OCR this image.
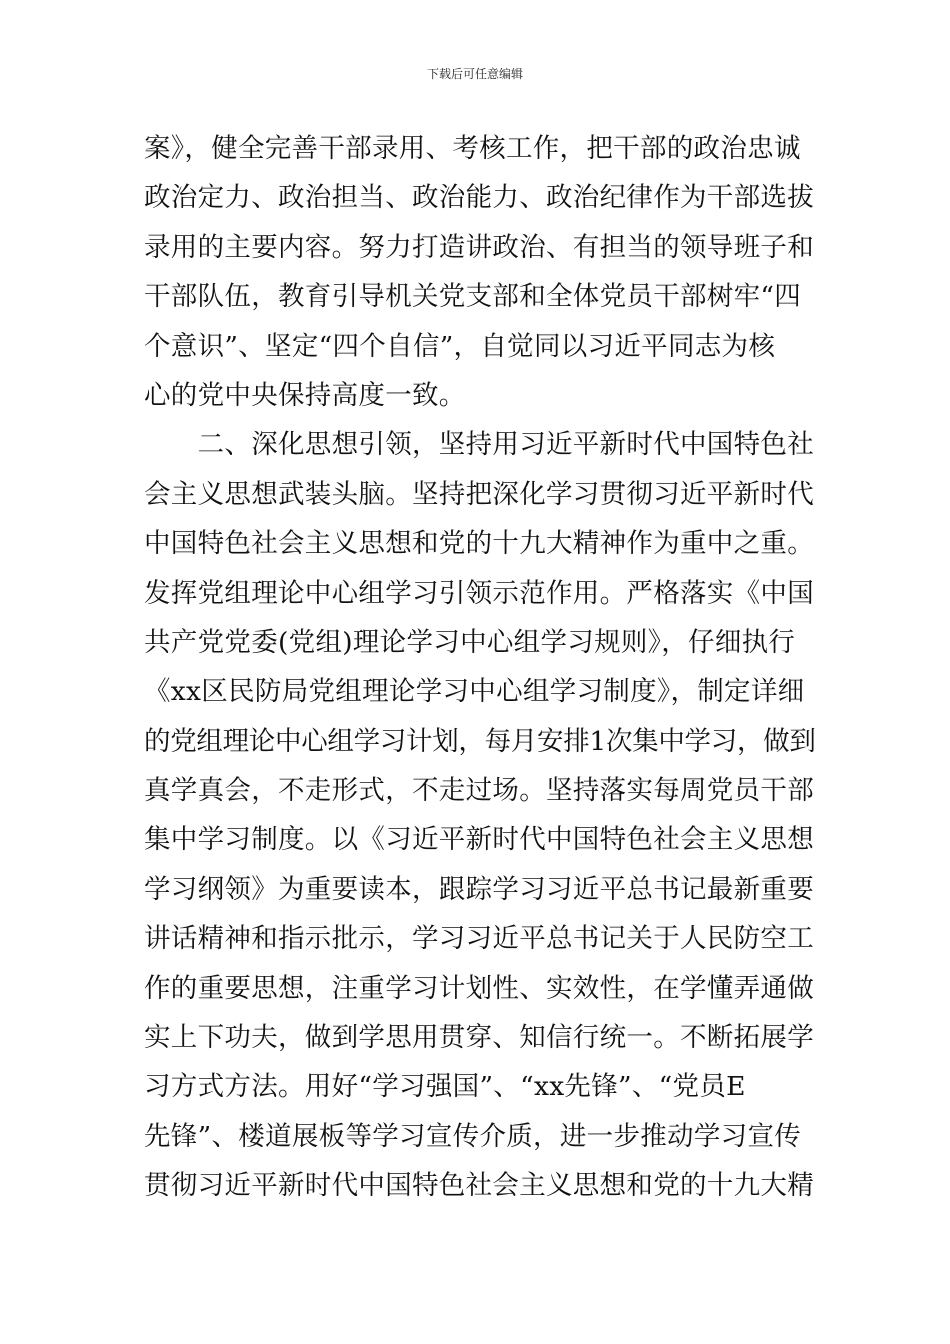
下载后可任意编辑
案》，健全完善干部录用、考核工作，把干部的政治忠诚
政治定力、政治担当、政治能力、政治纪律作为干部选拔
录用的主要内容。努力打造讲政治、有担当的领导班子和
干部队伍，教育引导机关党支部和全体党员干部树牢“四
个意识”、坚定“四个自信”，自觉同以习近平同志为核
心的党中央保持高度一致。
　　二、深化思想引领，坚持用习近平新时代中国特色社
会主义思想武装头脑。坚持把深化学习贯彻习近平新时代
中国特色社会主义思想和党的十九大精神作为重中之重。
发挥党组理论中心组学习引领示范作用。严格落实《中国
共产党党委(党组)理论学习中心组学习规则》，仔细执行
《xx区民防局党组理论学习中心组学习制度》，制定详细
的党组理论中心组学习计划，每月安排1次集中学习，做到
真学真会，不走形式，不走过场。坚持落实每周党员干部
集中学习制度。以《习近平新时代中国特色社会主义思想
学习纲领》为重要读本，跟踪学习习近平总书记最新重要
讲话精神和指示批示，学习习近平总书记关于人民防空工
作的重要思想，注重学习计划性、实效性，在学懂弄通做
实上下功夫，做到学思用贯穿、知信行统一。不断拓展学
习方式方法。用好“学习强国”、“xx先锋”、“党员E
先锋”、楼道展板等学习宣传介质，进一步推动学习宣传
贯彻习近平新时代中国特色社会主义思想和党的十九大精
